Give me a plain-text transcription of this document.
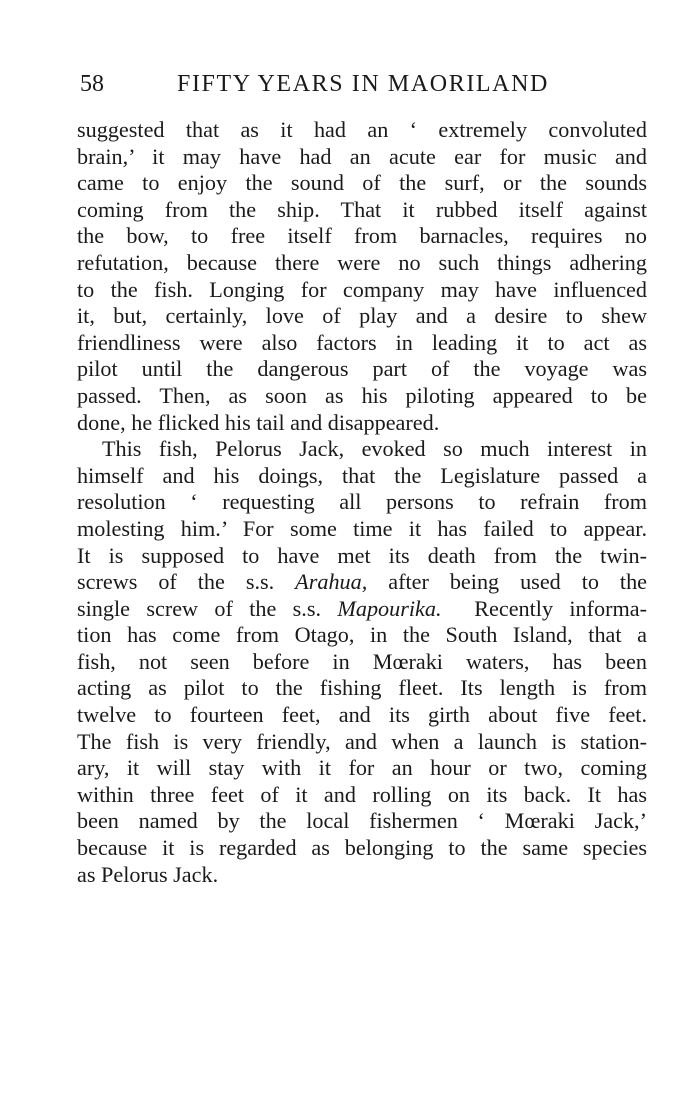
58	FIFTY YEARS IN MAORILAND
suggested that as it had an ‘ extremely convoluted
brain,’ it may have had an acute ear for music and
came to enjoy the sound of the surf, or the sounds
coming from the ship. That it rubbed itself against
the bow, to free itself from barnacles, requires no
refutation, because there were no such things adhering
to the fish. Longing for company may have influenced
it, but, certainly, love of play and a desire to shew
friendliness were also factors in leading it to act as
pilot until the dangerous part of the voyage was
passed. Then, as soon as his piloting appeared to be
done, he flicked his tail and disappeared.
This fish, Pelorus Jack, evoked so much interest in
himself and his doings, that the Legislature passed a
resolution ‘ requesting all persons to refrain from
molesting him.’ For some time it has failed to appear.
It is supposed to have met its death from the twin-
screws of the s.s. Arahua, after being used to the
single screw of the s.s. Mapourika. Recently informa-
tion has come from Otago, in the South Island, that a
fish, not seen before in Mœraki waters, has been
acting as pilot to the fishing fleet. Its length is from
twelve to fourteen feet, and its girth about five feet.
The fish is very friendly, and when a launch is station-
ary, it will stay with it for an hour or two, coming
within three feet of it and rolling on its back. It has
been named by the local fishermen ‘ Mœraki Jack,’
because it is regarded as belonging to the same species
as Pelorus Jack.
